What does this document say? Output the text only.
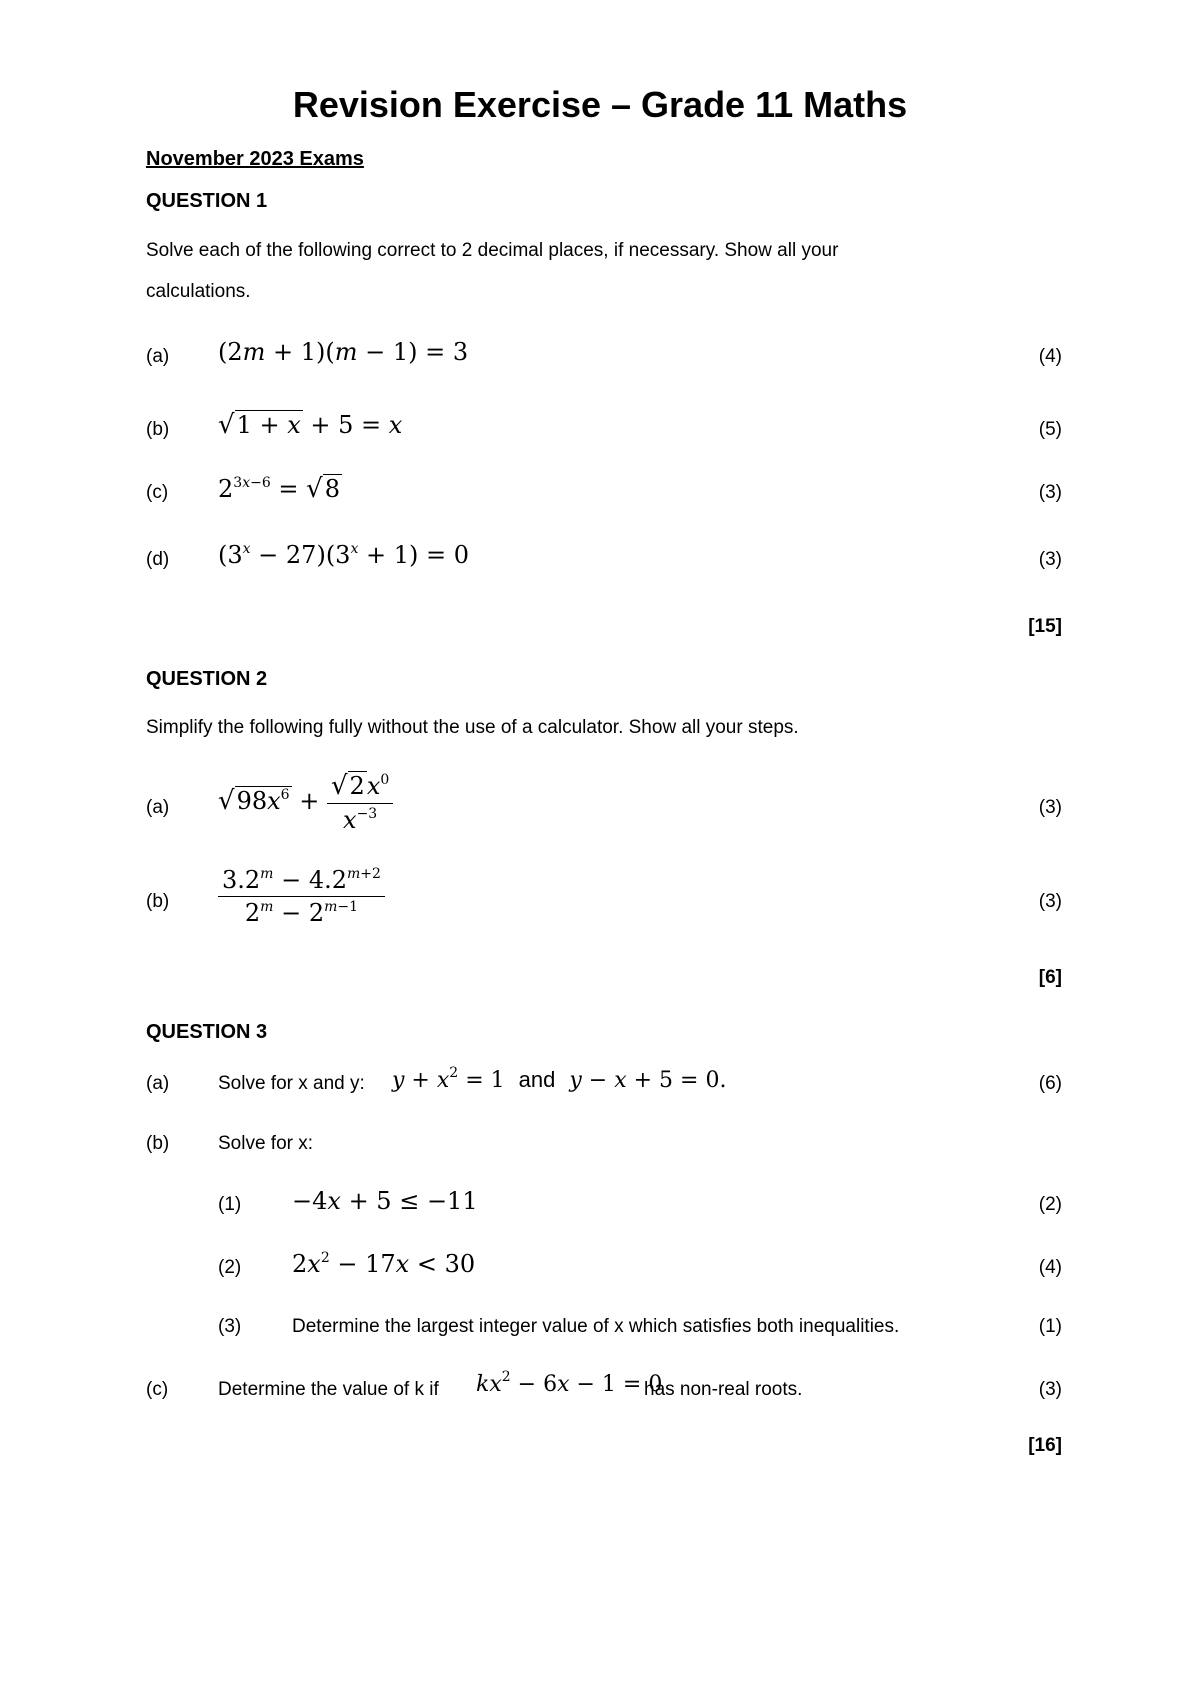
Revision Exercise – Grade 11 Maths
November 2023 Exams
QUESTION 1
Solve each of the following correct to 2 decimal places, if necessary. Show all your
calculations.
(a) (2m + 1)(m − 1) = 3	(4)
(b) √1 + x + 5 = x	(5)
(c) $2^{3x-6} = √8$	(3)
(d) $(3^x - 27)(3^x + 1) = 0$	(3)
[15]
QUESTION 2
Simplify the following fully without the use of a calculator. Show all your steps.
(a) $√98x^6 + \frac{√2x^0}{x^{-3}}$	(3)
$(b) \frac{3.2^m - 4.2^{m+2}}{2^m - 2^{m-1}}$	(3)
[6]
QUESTION 3
(a)	Solve for x and y: $y + x^2 = 1$  and y − x + 5 = 0.	(6)
(b)	Solve for x:
(1) −4x + 5 ≤ −11	(2)
(2) $2x^2 - 17x < 30$	(4)
(3)	Determine the largest integer value of x which satisfies both inequalities.	(1)
(c)	Determine the value of k if $kx^2 - 6x - 1 = 0$
has non-real roots.	(3)
[16]
